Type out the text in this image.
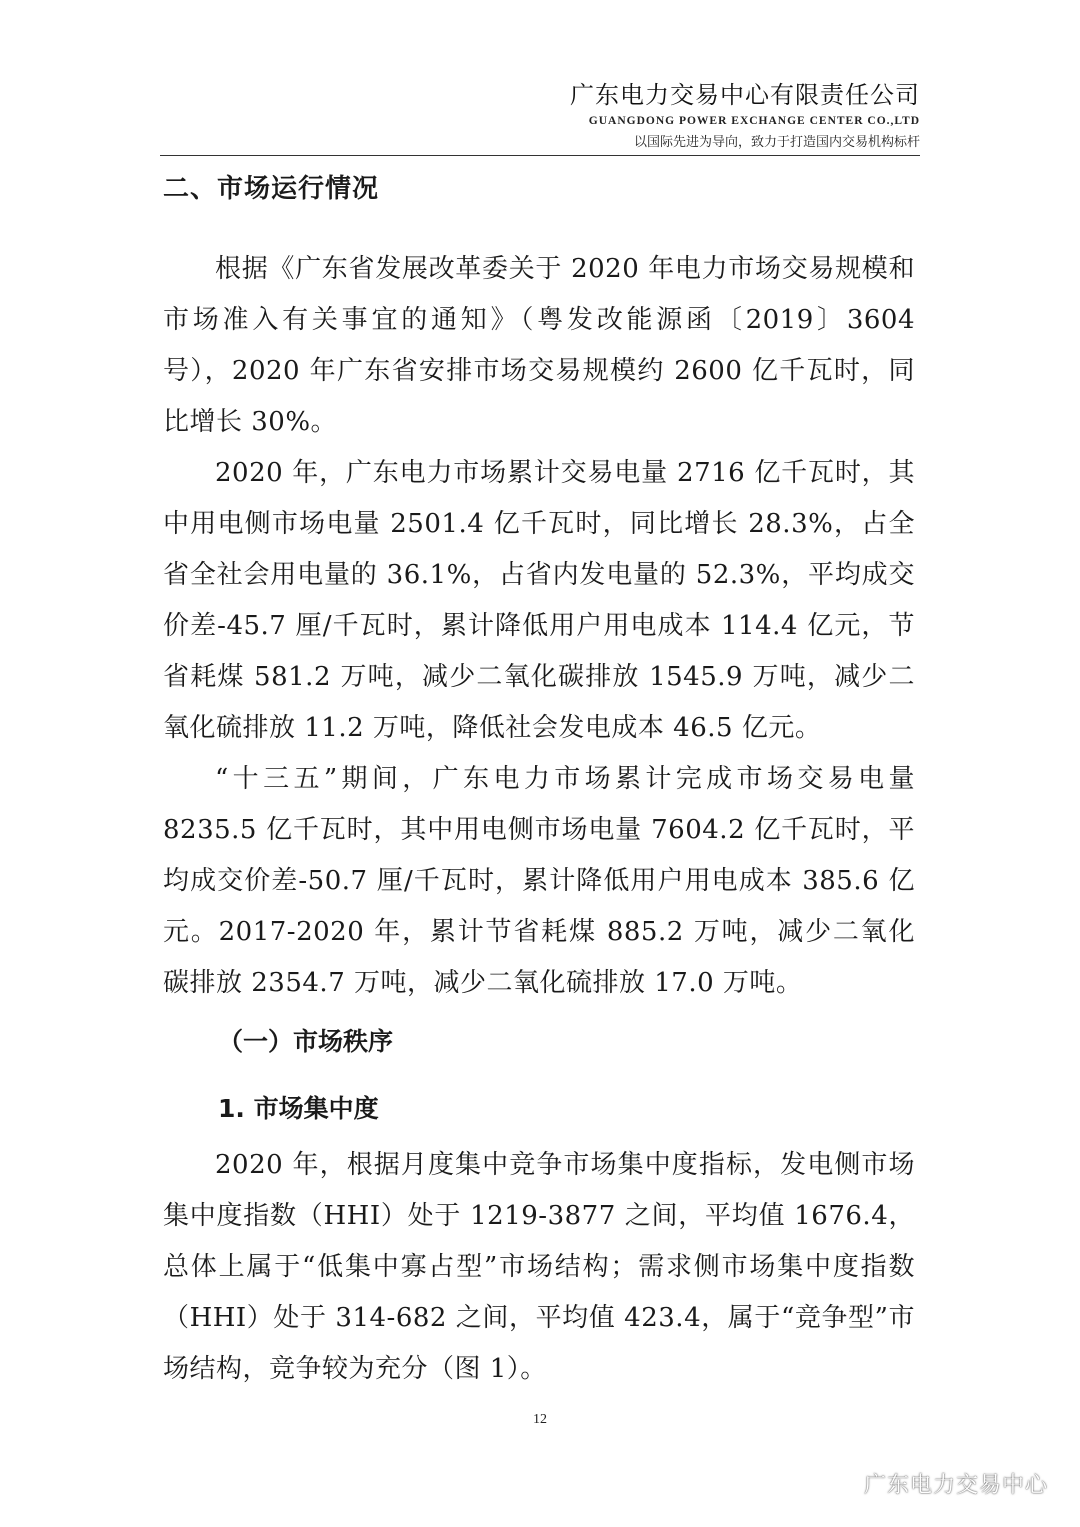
广东电力交易中心有限责任公司
GUANGDONG POWER EXCHANGE CENTER CO.,LTD
以国际先进为导向，致力于打造国内交易机构标杆
二、市场运行情况

根据《广东省发展改革委关于 2020 年电力市场交易规模和市场准入有关事宜的通知》（粤发改能源函〔2019〕3604 号），2020 年广东省安排市场交易规模约 2600 亿千瓦时，同比增长 30%。

2020 年，广东电力市场累计交易电量 2716 亿千瓦时，其中用电侧市场电量 2501.4 亿千瓦时，同比增长 28.3%，占全省全社会用电量的 36.1%，占省内发电量的 52.3%，平均成交价差-45.7 厘/千瓦时，累计降低用户用电成本 114.4 亿元，节省耗煤 581.2 万吨，减少二氧化碳排放 1545.9 万吨，减少二氧化硫排放 11.2 万吨，降低社会发电成本 46.5 亿元。

“十三五”期间，广东电力市场累计完成市场交易电量 8235.5 亿千瓦时，其中用电侧市场电量 7604.2 亿千瓦时，平均成交价差-50.7 厘/千瓦时，累计降低用户用电成本 385.6 亿元。2017-2020 年，累计节省耗煤 885.2 万吨，减少二氧化碳排放 2354.7 万吨，减少二氧化硫排放 17.0 万吨。

（一）市场秩序
1. 市场集中度

2020 年，根据月度集中竞争市场集中度指标，发电侧市场集中度指数（HHI）处于 1219-3877 之间，平均值 1676.4，总体上属于“低集中寡占型”市场结构；需求侧市场集中度指数（HHI）处于 314-682 之间，平均值 423.4，属于“竞争型”市场结构，竞争较为充分（图 1）。

12
广东电力交易中心
